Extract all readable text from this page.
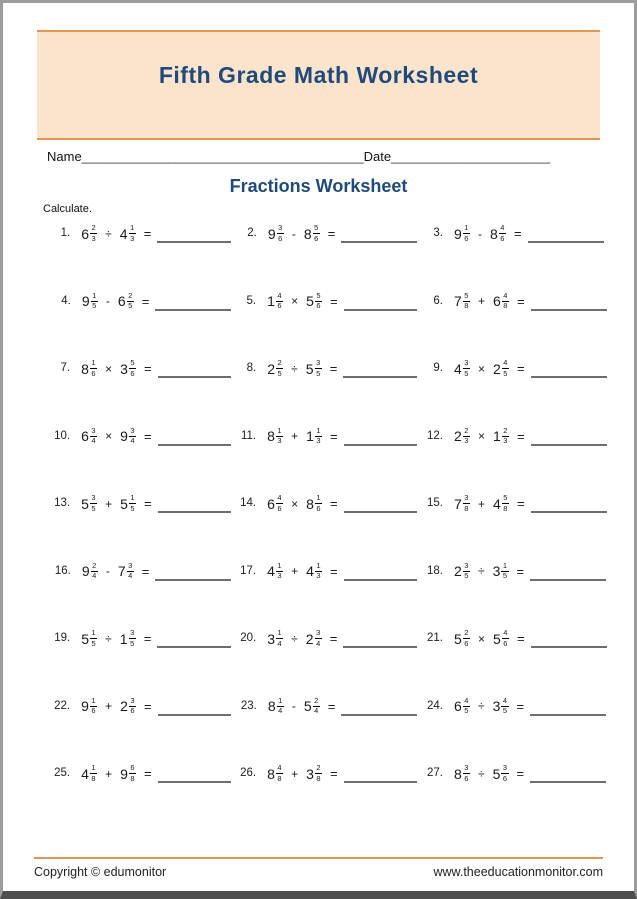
Fifth Grade Math Worksheet
Name_______________________________________Date______________________
Fractions Worksheet
Calculate.
1. $6 \frac{2}{3} \div 4 \frac{1}{3}$ =	2. $9 \frac{3}{6} - 8 \frac{5}{6}$ =	3. $9 \frac{1}{6} - 8 \frac{4}{6}$ =
4. $9 \frac{1}{5} - 6 \frac{2}{5}$ =	5. $1 \frac{4}{6} \times 5 \frac{5}{6}$ =	6. $7 \frac{5}{8} + 6 \frac{4}{8}$ =
7. $8 \frac{1}{6} \times 3 \frac{5}{6}$ =	8. $2 \frac{2}{5} \div 5 \frac{3}{5}$ =	9. $4 \frac{3}{5} \times 2 \frac{4}{5}$ =
10. $6 \frac{3}{4} \times 9 \frac{3}{4}$ =	11. $8 \frac{1}{3} + 1 \frac{1}{3}$ =	12. $2 \frac{2}{3} \times 1 \frac{2}{3}$ =
13. $5 \frac{3}{5} + 5 \frac{1}{5}$ =	14. $6 \frac{4}{6} \times 8 \frac{1}{6}$ =	15. $7 \frac{3}{8} + 4 \frac{5}{8}$ =
16. $9 \frac{2}{4} - 7 \frac{3}{4}$ =	17. $4 \frac{1}{3} + 4 \frac{1}{3}$ =	18. $2 \frac{3}{5} \div 3 \frac{1}{5}$ =
19. $5 \frac{1}{5} \div 1 \frac{3}{5}$ =	20. $3 \frac{1}{4} \div 2 \frac{3}{4}$ =	21. $5 \frac{2}{6} \times 5 \frac{4}{6}$ =
22. $9 \frac{1}{6} + 2 \frac{3}{6}$ =	23. $8 \frac{1}{4} - 5 \frac{2}{4}$ =	24. $6 \frac{4}{5} \div 3 \frac{4}{5}$ =
25. $4 \frac{1}{8} + 9 \frac{6}{8}$ =	26. $8 \frac{4}{8} + 3 \frac{2}{8}$ =	27. $8 \frac{3}{6} \div 5 \frac{3}{6}$ =
Copyright © edumonitor	www.theeducationmonitor.com
